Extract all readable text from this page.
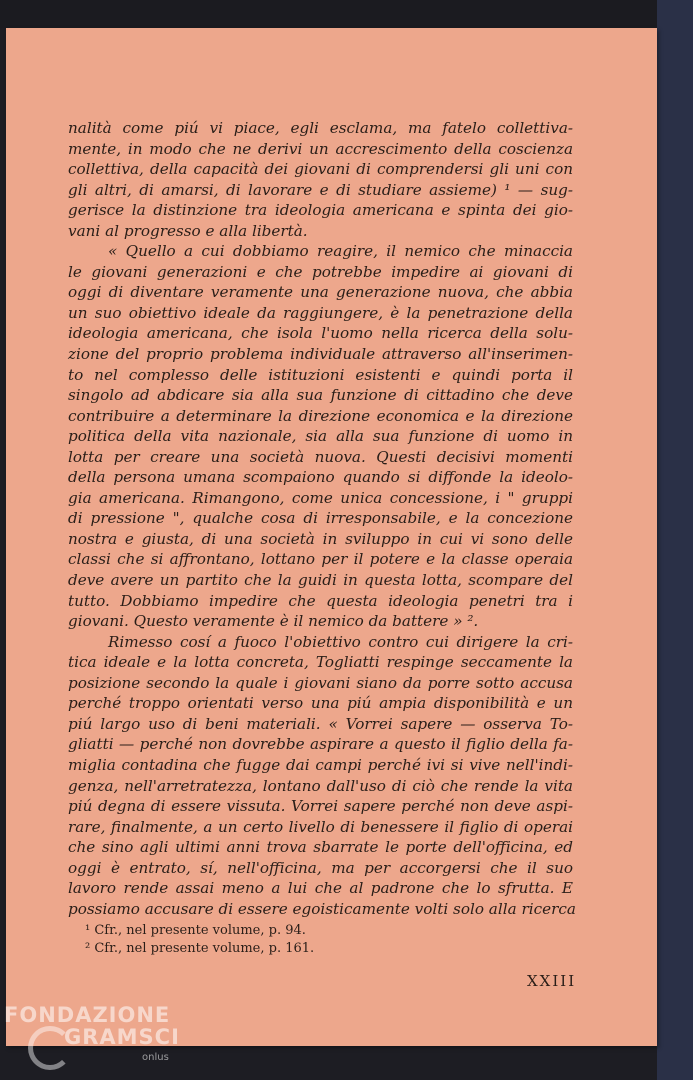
nalità come piú vi piace, egli esclama, ma fatelo collettiva-
mente, in modo che ne derivi un accrescimento della coscienza
collettiva, della capacità dei giovani di comprendersi gli uni con
gli altri, di amarsi, di lavorare e di studiare assieme) ¹ — sug-
gerisce la distinzione tra ideologia americana e spinta dei gio-
vani al progresso e alla libertà.
« Quello a cui dobbiamo reagire, il nemico che minaccia
le giovani generazioni e che potrebbe impedire ai giovani di
oggi di diventare veramente una generazione nuova, che abbia
un suo obiettivo ideale da raggiungere, è la penetrazione della
ideologia americana, che isola l'uomo nella ricerca della solu-
zione del proprio problema individuale attraverso all'inserimen-
to nel complesso delle istituzioni esistenti e quindi porta il
singolo ad abdicare sia alla sua funzione di cittadino che deve
contribuire a determinare la direzione economica e la direzione
politica della vita nazionale, sia alla sua funzione di uomo in
lotta per creare una società nuova. Questi decisivi momenti
della persona umana scompaiono quando si diffonde la ideolo-
gia americana. Rimangono, come unica concessione, i " gruppi
di pressione ", qualche cosa di irresponsabile, e la concezione
nostra e giusta, di una società in sviluppo in cui vi sono delle
classi che si affrontano, lottano per il potere e la classe operaia
deve avere un partito che la guidi in questa lotta, scompare del
tutto. Dobbiamo impedire che questa ideologia penetri tra i
giovani. Questo veramente è il nemico da battere » ².
Rimesso cosí a fuoco l'obiettivo contro cui dirigere la cri-
tica ideale e la lotta concreta, Togliatti respinge seccamente la
posizione secondo la quale i giovani siano da porre sotto accusa
perché troppo orientati verso una piú ampia disponibilità e un
piú largo uso di beni materiali. « Vorrei sapere — osserva To-
gliatti — perché non dovrebbe aspirare a questo il figlio della fa-
miglia contadina che fugge dai campi perché ivi si vive nell'indi-
genza, nell'arretratezza, lontano dall'uso di ciò che rende la vita
piú degna di essere vissuta. Vorrei sapere perché non deve aspi-
rare, finalmente, a un certo livello di benessere il figlio di operai
che sino agli ultimi anni trova sbarrate le porte dell'officina, ed
oggi è entrato, sí, nell'officina, ma per accorgersi che il suo
lavoro rende assai meno a lui che al padrone che lo sfrutta. E
possiamo accusare di essere egoisticamente volti solo alla ricerca
¹ Cfr., nel presente volume, p. 94.
² Cfr., nel presente volume, p. 161.
XXIII
FONDAZIONE
GRAMSCI
onlus
